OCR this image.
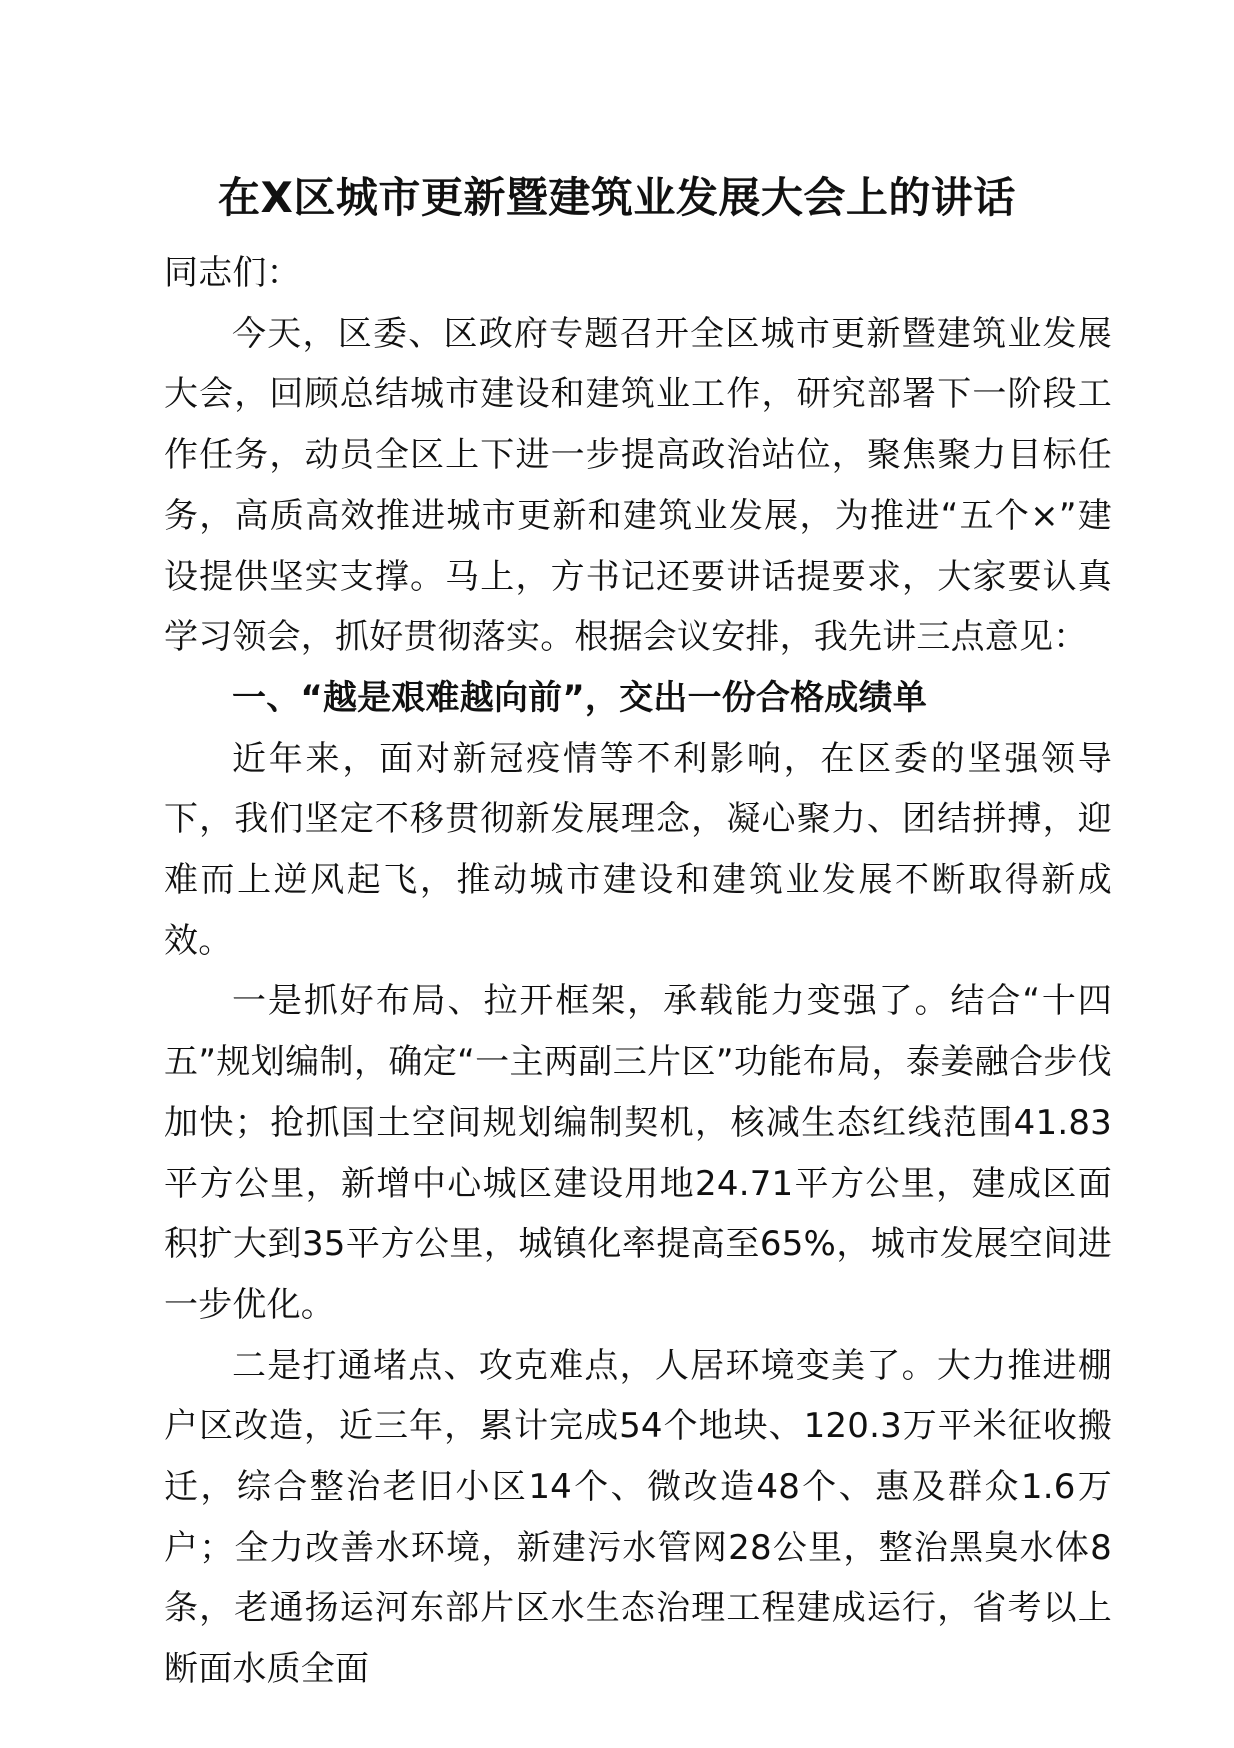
在X区城市更新暨建筑业发展大会上的讲话

同志们：

今天，区委、区政府专题召开全区城市更新暨建筑业发展大会，回顾总结城市建设和建筑业工作，研究部署下一阶段工作任务，动员全区上下进一步提高政治站位，聚焦聚力目标任务，高质高效推进城市更新和建筑业发展，为推进“五个×”建设提供坚实支撑。马上，方书记还要讲话提要求，大家要认真学习领会，抓好贯彻落实。根据会议安排，我先讲三点意见：

一、“越是艰难越向前”，交出一份合格成绩单

近年来，面对新冠疫情等不利影响，在区委的坚强领导下，我们坚定不移贯彻新发展理念，凝心聚力、团结拼搏，迎难而上逆风起飞，推动城市建设和建筑业发展不断取得新成效。

一是抓好布局、拉开框架，承载能力变强了。结合“十四五”规划编制，确定“一主两副三片区”功能布局，泰姜融合步伐加快；抢抓国土空间规划编制契机，核减生态红线范围41.83平方公里，新增中心城区建设用地24.71平方公里，建成区面积扩大到35平方公里，城镇化率提高至65%，城市发展空间进一步优化。

二是打通堵点、攻克难点，人居环境变美了。大力推进棚户区改造，近三年，累计完成54个地块、120.3万平米征收搬迁，综合整治老旧小区14个、微改造48个、惠及群众1.6万户；全力改善水环境，新建污水管网28公里，整治黑臭水体8条，老通扬运河东部片区水生态治理工程建成运行，省考以上断面水质全面
